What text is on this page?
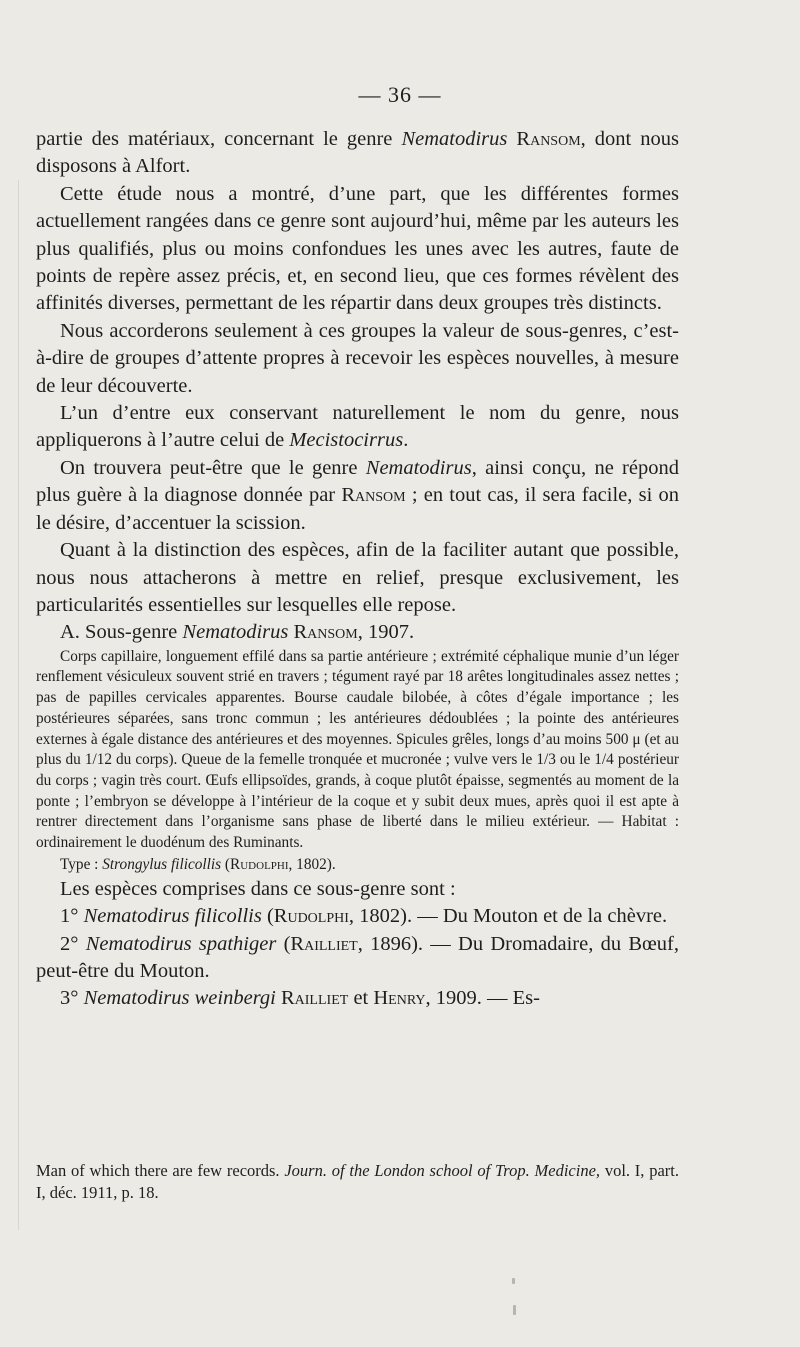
— 36 —

partie des matériaux, concernant le genre Nematodirus Ransom, dont nous disposons à Alfort.

Cette étude nous a montré, d’une part, que les différentes formes actuellement rangées dans ce genre sont aujourd’hui, même par les auteurs les plus qualifiés, plus ou moins confondues les unes avec les autres, faute de points de repère assez précis, et, en second lieu, que ces formes révèlent des affinités diverses, permettant de les répartir dans deux groupes très distincts.

Nous accorderons seulement à ces groupes la valeur de sous-genres, c’est-à-dire de groupes d’attente propres à recevoir les espèces nouvelles, à mesure de leur découverte.

L’un d’entre eux conservant naturellement le nom du genre, nous appliquerons à l’autre celui de Mecistocirrus.

On trouvera peut-être que le genre Nematodirus, ainsi conçu, ne répond plus guère à la diagnose donnée par Ransom ; en tout cas, il sera facile, si on le désire, d’accentuer la scission.

Quant à la distinction des espèces, afin de la faciliter autant que possible, nous nous attacherons à mettre en relief, presque exclusivement, les particularités essentielles sur lesquelles elle repose.

A. Sous-genre Nematodirus Ransom, 1907.

Corps capillaire, longuement effilé dans sa partie antérieure ; extrémité céphalique munie d’un léger renflement vésiculeux souvent strié en travers ; tégument rayé par 18 arêtes longitudinales assez nettes ; pas de papilles cervicales apparentes. Bourse caudale bilobée, à côtes d’égale importance ; les postérieures séparées, sans tronc commun ; les antérieures dédoublées ; la pointe des antérieures externes à égale distance des antérieures et des moyennes. Spicules grêles, longs d’au moins 500 μ (et au plus du 1/12 du corps). Queue de la femelle tronquée et mucronée ; vulve vers le 1/3 ou le 1/4 postérieur du corps ; vagin très court. Œufs ellipsoïdes, grands, à coque plutôt épaisse, segmentés au moment de la ponte ; l’embryon se développe à l’intérieur de la coque et y subit deux mues, après quoi il est apte à rentrer directement dans l’organisme sans phase de liberté dans le milieu extérieur. — Habitat : ordinairement le duodénum des Ruminants.

Type : Strongylus filicollis (Rudolphi, 1802).

Les espèces comprises dans ce sous-genre sont :

1° Nematodirus filicollis (Rudolphi, 1802). — Du Mouton et de la chèvre.

2° Nematodirus spathiger (Railliet, 1896). — Du Dromadaire, du Bœuf, peut-être du Mouton.

3° Nematodirus weinbergi Railliet et Henry, 1909. — Es-

Man of which there are few records. Journ. of the London school of Trop. Medicine, vol. I, part. I, déc. 1911, p. 18.
